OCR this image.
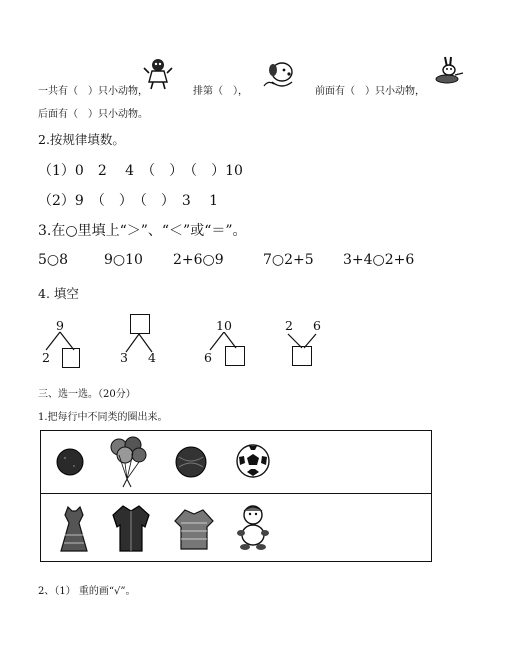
一共有（　）只小动物，	排第（　），	前面有（　）只小动物，
后面有（　）只小动物。
2.按规律填数。
（1）0　2　 4　（　）　（　）10
（2）9　（　）　（　）　3　 1
3.在○里填上“＞”、“＜”或“＝”。
5○8	9○10 2+6○9	7○2+5 3+4○2+6
4. 填空
9
2	3 4
10
6
2 6
三、选一选。（20分）
1.把每行中不同类的圈出来。
2、（1） 重的画“√”。
